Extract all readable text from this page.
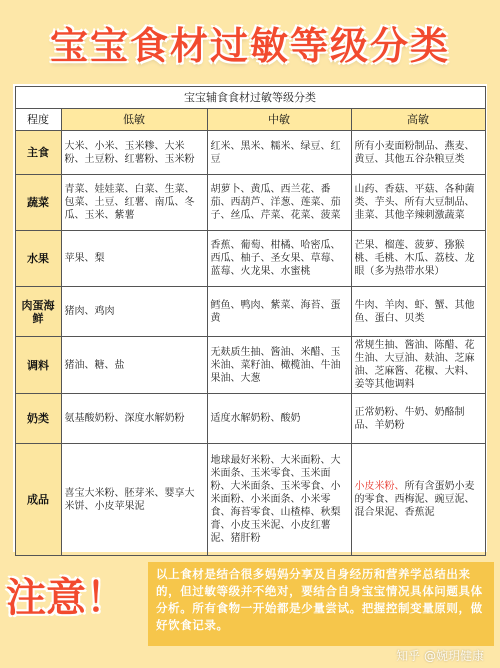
宝宝食材过敏等级分类
宝宝辅食食材过敏等级分类			
程度	低敏	中敏	高敏
主食	大米、小米、玉米糁、大米粉、土豆粉、红薯粉、玉米粉	红米、黑米、糯米、绿豆、红豆	所有小麦面粉制品、燕麦、黄豆、其他五谷杂粮豆类
蔬菜	青菜、娃娃菜、白菜、生菜、包菜、土豆、红薯、南瓜、冬瓜、玉米、紫薯	胡萝卜、黄瓜、西兰花、番茄、西葫芦、洋葱、莲菜、茄子、丝瓜、芹菜、花菜、菠菜	山药、香菇、平菇、各种菌类、芋头、所有大豆制品、韭菜、其他辛辣刺激蔬菜
水果	苹果、梨	香蕉、葡萄、柑橘、哈密瓜、西瓜、柚子、圣女果、草莓、蓝莓、火龙果、水蜜桃	芒果、榴莲、菠萝、猕猴桃、毛桃、木瓜、荔枝、龙眼（多为热带水果）
肉蛋海鲜	猪肉、鸡肉	鳕鱼、鸭肉、紫菜、海苔、蛋黄	牛肉、羊肉、虾、蟹、其他鱼、蛋白、贝类
调料	猪油、糖、盐	无麸质生抽、酱油、米醋、玉米油、菜籽油、橄榄油、牛油果油、大葱	常规生抽、酱油、陈醋、花生油、大豆油、麸油、芝麻油、芝麻酱、花椒、大料、姜等其他调料
奶类	氨基酸奶粉、深度水解奶粉	适度水解奶粉、酸奶	正常奶粉、牛奶、奶酪制品、羊奶粉
成品	喜宝大米粉、胚芽米、婴享大米饼、小皮苹果泥	地球最好米粉、大米面粉、大米面条、玉米零食、玉米面粉、大米面条、玉米零食、小米面粉、小米面条、小米零食、海苔零食、山楂棒、秋梨膏、小皮玉米泥、小皮红薯泥、猪肝粉	小皮米粉、所有含蛋奶小麦的零食、西梅泥、豌豆泥、混合果泥、香蕉泥
注意！
以上食材是结合很多妈妈分享及自身经历和营养学总结出来的，但过敏等级并不绝对，要结合自身宝宝情况具体问题具体分析。所有食物一开始都是少量尝试。把握控制变量原则，做好饮食记录。
知乎 @婉玥健康
